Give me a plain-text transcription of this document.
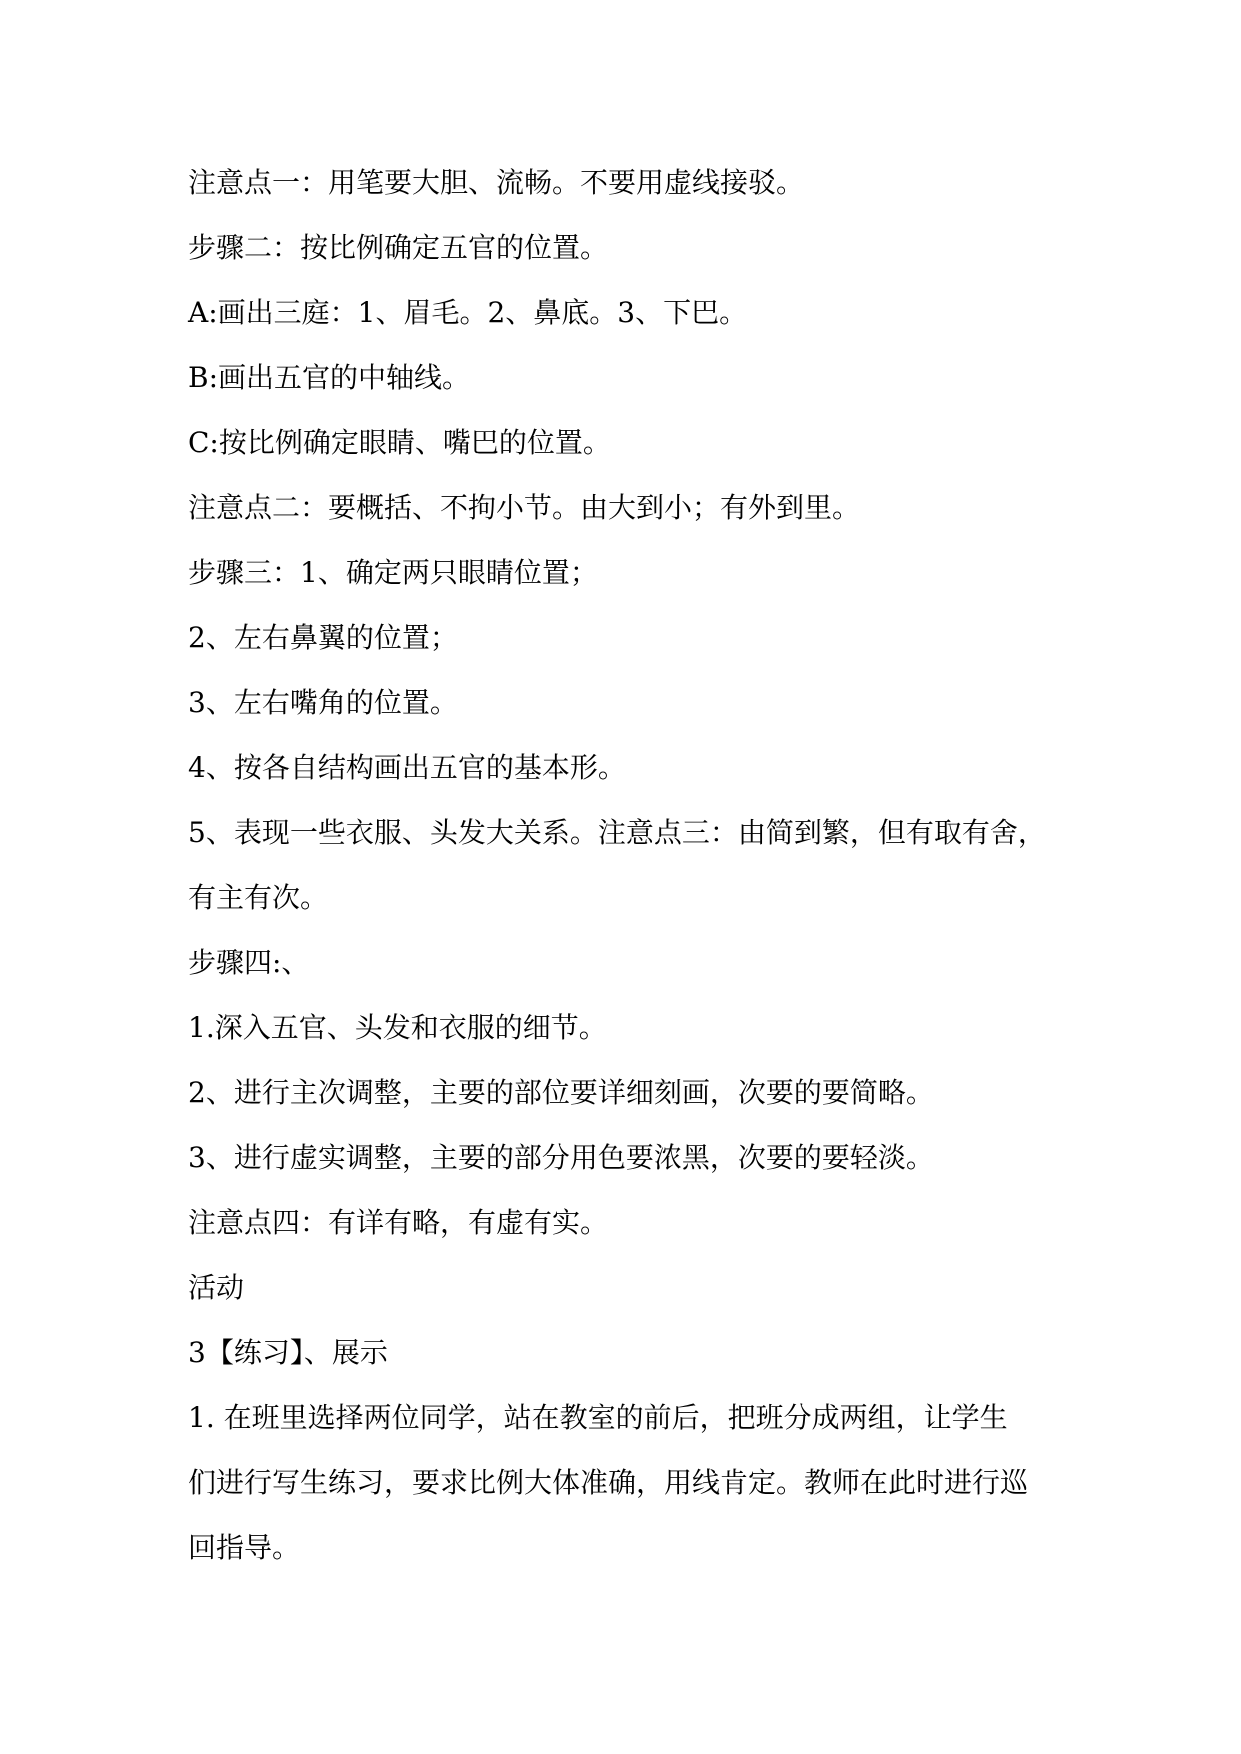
注意点一：用笔要大胆、流畅。不要用虚线接驳。
步骤二：按比例确定五官的位置。
A:画出三庭：1、眉毛。2、鼻底。3、下巴。
B:画出五官的中轴线。
C:按比例确定眼睛、嘴巴的位置。
注意点二：要概括、不拘小节。由大到小；有外到里。
步骤三：1、确定两只眼睛位置；
2、左右鼻翼的位置；
3、左右嘴角的位置。
4、按各自结构画出五官的基本形。
5、表现一些衣服、头发大关系。注意点三：由简到繁，但有取有舍，
有主有次。
步骤四:、
1.深入五官、头发和衣服的细节。
2、进行主次调整，主要的部位要详细刻画，次要的要简略。
3、进行虚实调整，主要的部分用色要浓黑，次要的要轻淡。
注意点四：有详有略，有虚有实。
活动
3【练习】、展示
1. 在班里选择两位同学，站在教室的前后，把班分成两组，让学生
们进行写生练习，要求比例大体准确，用线肯定。教师在此时进行巡
回指导。
